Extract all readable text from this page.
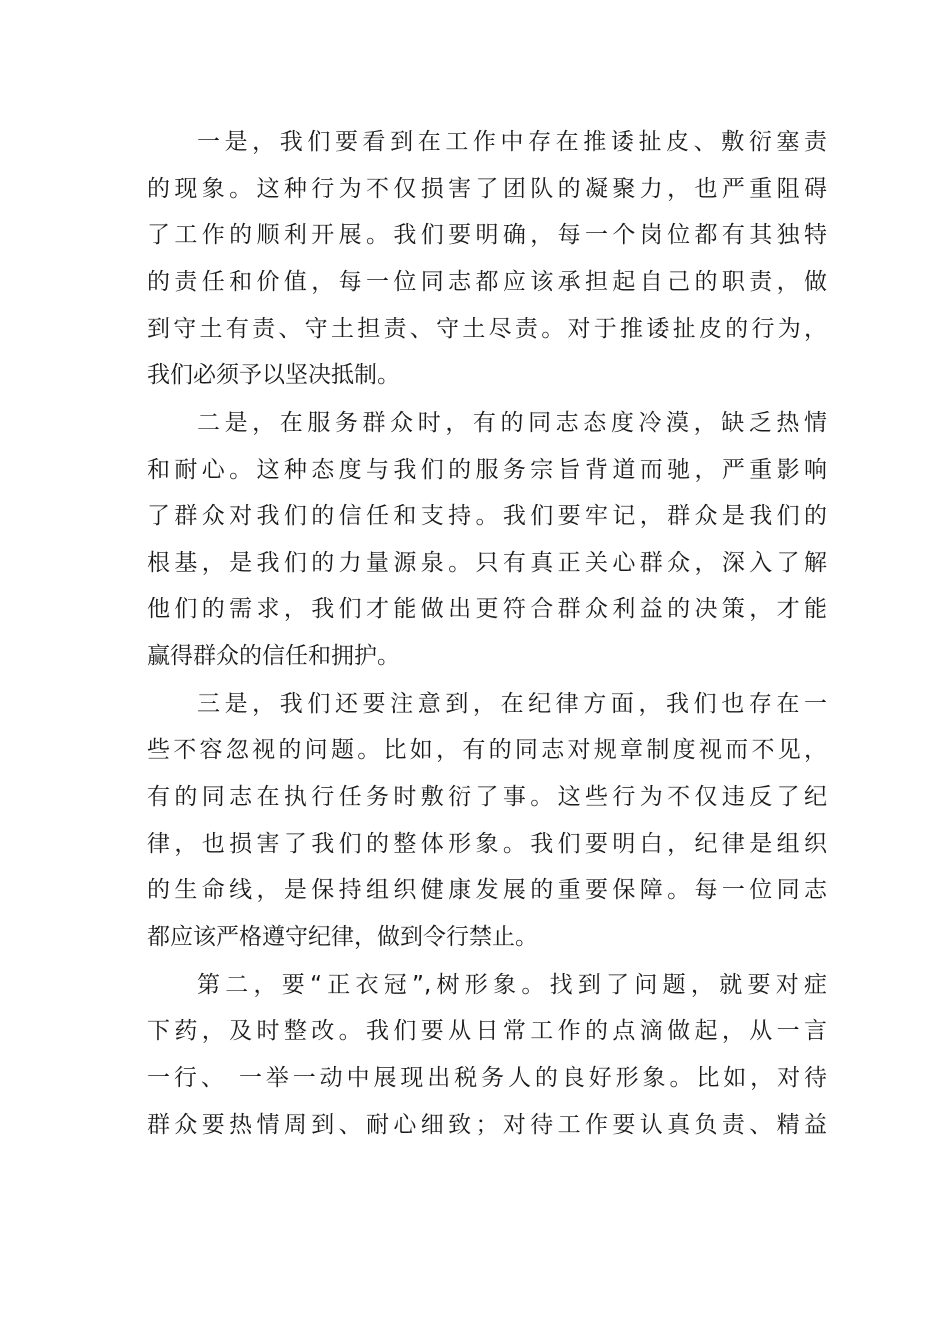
一是，我们要看到在工作中存在推诿扯皮、敷衍塞责
的现象。这种行为不仅损害了团队的凝聚力，也严重阻碍
了工作的顺利开展。我们要明确，每一个岗位都有其独特
的责任和价值，每一位同志都应该承担起自己的职责，做
到守土有责、守土担责、守土尽责。对于推诿扯皮的行为，
我们必须予以坚决抵制。
二是，在服务群众时，有的同志态度冷漠，缺乏热情
和耐心。这种态度与我们的服务宗旨背道而驰，严重影响
了群众对我们的信任和支持。我们要牢记，群众是我们的
根基，是我们的力量源泉。只有真正关心群众，深入了解
他们的需求，我们才能做出更符合群众利益的决策，才能
赢得群众的信任和拥护。
三是，我们还要注意到，在纪律方面，我们也存在一
些不容忽视的问题。比如，有的同志对规章制度视而不见，
有的同志在执行任务时敷衍了事。这些行为不仅违反了纪
律，也损害了我们的整体形象。我们要明白，纪律是组织
的生命线，是保持组织健康发展的重要保障。每一位同志
都应该严格遵守纪律，做到令行禁止。
第二，要“正衣冠”,树形象。找到了问题，就要对症
下药，及时整改。我们要从日常工作的点滴做起，从一言
一行、 一举一动中展现出税务人的良好形象。比如，对待
群众要热情周到、耐心细致；对待工作要认真负责、精益
